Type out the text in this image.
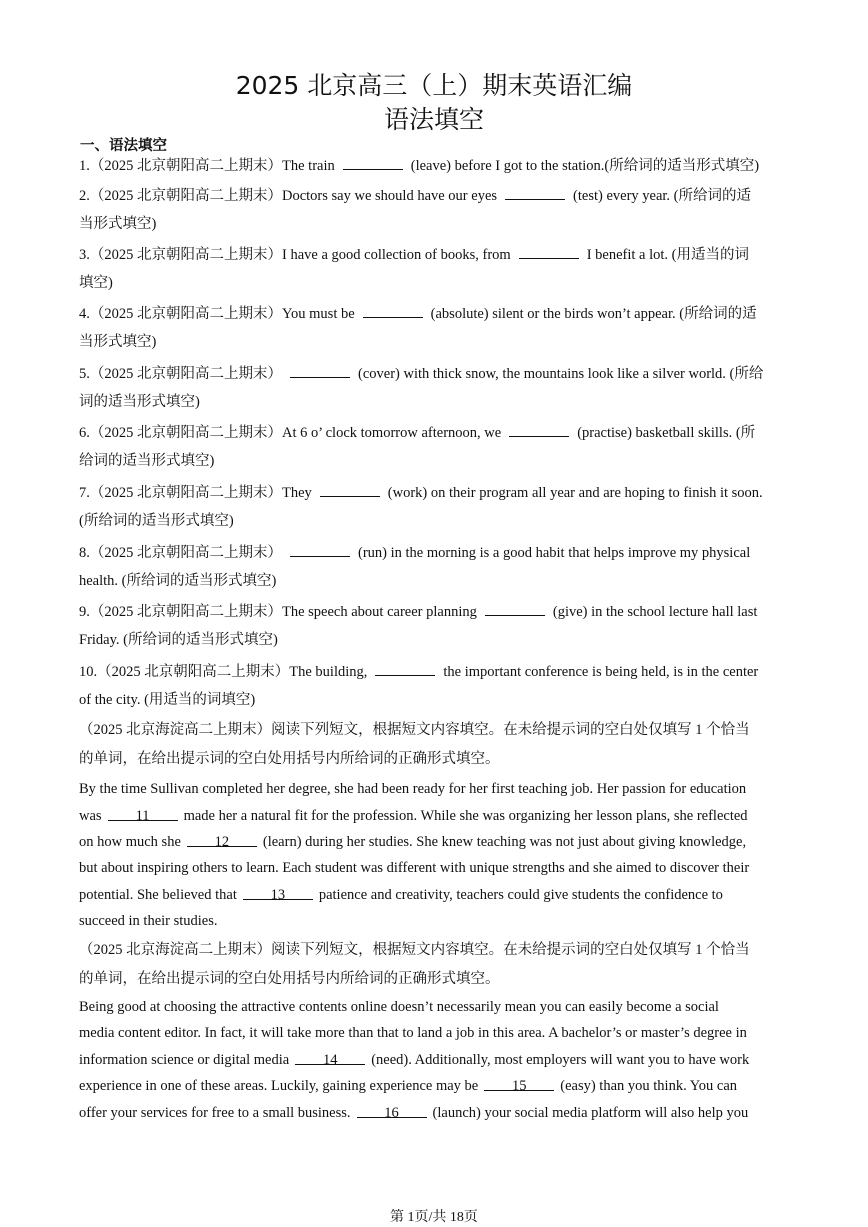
2025 北京高三（上）期末英语汇编
语法填空
一、语法填空
1.（2025 北京朝阳高二上期末）The train	(leave) before I got to the station.(所给词的适当形式填空)
2.（2025 北京朝阳高二上期末）Doctors say we should have our eyes	(test) every year. (所给词的适
当形式填空)
3.（2025 北京朝阳高二上期末）I have a good collection of books, from	I benefit a lot. (用适当的词
填空)
4.（2025 北京朝阳高二上期末）You must be	(absolute) silent or the birds won’t appear. (所给词的适
当形式填空)
5.（2025 北京朝阳高二上期末）	(cover) with thick snow, the mountains look like a silver world. (所给
词的适当形式填空)
6.（2025 北京朝阳高二上期末）At 6 o’ clock tomorrow afternoon, we	(practise) basketball skills. (所
给词的适当形式填空)
7.（2025 北京朝阳高二上期末）They	(work) on their program all year and are hoping to finish it soon.
(所给词的适当形式填空)
8.（2025 北京朝阳高二上期末）	(run) in the morning is a good habit that helps improve my physical
health. (所给词的适当形式填空)
9.（2025 北京朝阳高二上期末）The speech about career planning	(give) in the school lecture hall last
Friday. (所给词的适当形式填空)
10.（2025 北京朝阳高二上期末）The building,	the important conference is being held, is in the center
of the city. (用适当的词填空)
（2025 北京海淀高二上期末）阅读下列短文，根据短文内容填空。在未给提示词的空白处仅填写 1 个恰当
的单词，在给出提示词的空白处用括号内所给词的正确形式填空。
By the time Sullivan completed her degree, she had been ready for her first teaching job. Her passion for education
was 11 made her a natural fit for the profession. While she was organizing her lesson plans, she reflected
on how much she 12 (learn) during her studies. She knew teaching was not just about giving knowledge,
but about inspiring others to learn. Each student was different with unique strengths and she aimed to discover their
potential. She believed that 13 patience and creativity, teachers could give students the confidence to
succeed in their studies.
（2025 北京海淀高二上期末）阅读下列短文，根据短文内容填空。在未给提示词的空白处仅填写 1 个恰当
的单词，在给出提示词的空白处用括号内所给词的正确形式填空。
Being good at choosing the attractive contents online doesn’t necessarily mean you can easily become a social
media content editor. In fact, it will take more than that to land a job in this area. A bachelor’s or master’s degree in
information science or digital media 14 (need). Additionally, most employers will want you to have work
experience in one of these areas. Luckily, gaining experience may be 15 (easy) than you think. You can
offer your services for free to a small business. 16 (launch) your social media platform will also help you
第 1页/共 18页
